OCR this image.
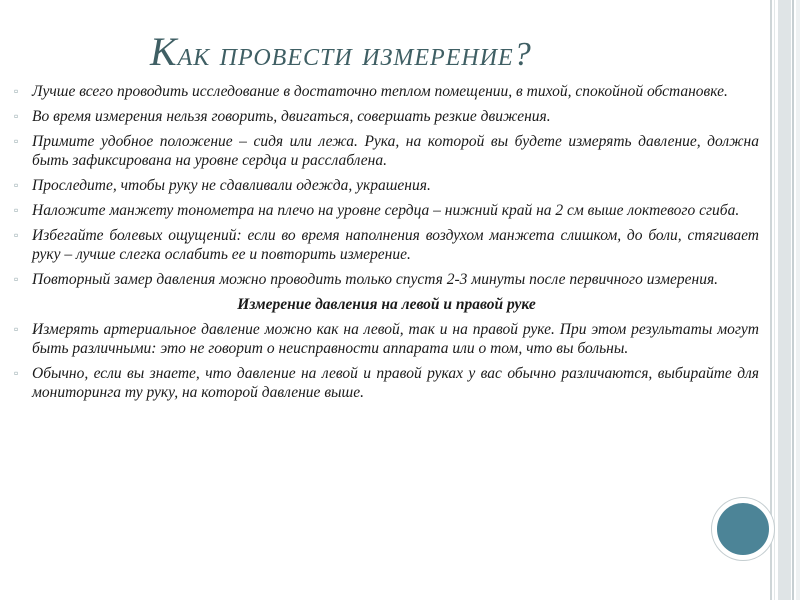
Как провести измерение?
▫ Лучше всего проводить исследование в достаточно теплом помещении, в тихой, спокойной обстановке.
▫ Во время измерения нельзя говорить, двигаться, совершать резкие движения.
▫ Примите удобное положение – сидя или лежа. Рука, на которой вы будете измерять давление, должна быть зафиксирована на уровне сердца и расслаблена.
▫ Проследите, чтобы руку не сдавливали одежда, украшения.
▫ Наложите манжету тонометра на плечо на уровне сердца – нижний край на 2 см выше локтевого сгиба.
▫ Избегайте болевых ощущений: если во время наполнения воздухом манжета слишком, до боли, стягивает руку – лучше слегка ослабить ее и повторить измерение.
▫ Повторный замер давления можно проводить только спустя 2-3 минуты после первичного измерения.
Измерение давления на левой и правой руке
▫ Измерять артериальное давление можно как на левой, так и на правой руке. При этом результаты могут быть различными: это не говорит о неисправности аппарата или о том, что вы больны.
▫ Обычно, если вы знаете, что давление на левой и правой руках у вас обычно различаются, выбирайте для мониторинга ту руку, на которой давление выше.
